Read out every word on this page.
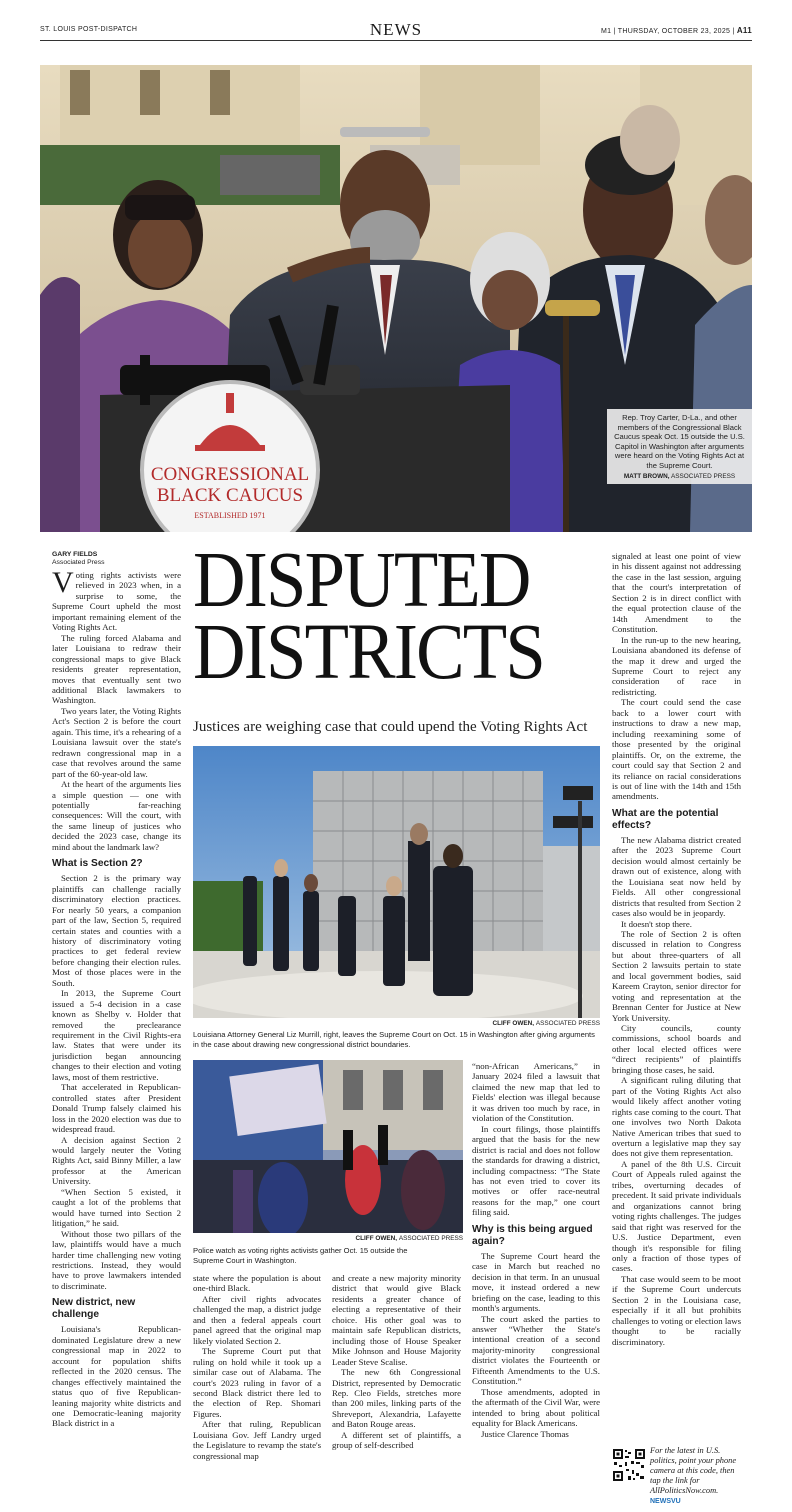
ST. LOUIS POST-DISPATCH	NEWS	M1 | THURSDAY, OCTOBER 23, 2025 | A11
CONGRESSIONAL
BLACK CAUCUS
ESTABLISHED 1971
Rep. Troy Carter, D-La., and other members of the Congressional Black Caucus speak Oct. 15 outside the U.S. Capitol in Washington after arguments were heard on the Voting Rights Act at the Supreme Court.
MATT BROWN, ASSOCIATED PRESS
DISPUTED
DISTRICTS
Justices are weighing case that could upend the Voting Rights Act
CLIFF OWEN, ASSOCIATED PRESS
Louisiana Attorney General Liz Murrill, right, leaves the Supreme Court on Oct. 15 in Washington after giving arguments in the case about drawing new congressional district boundaries.
CLIFF OWEN, ASSOCIATED PRESS
Police watch as voting rights activists gather Oct. 15 outside the Supreme Court in Washington.
GARY FIELDS
Associated Press

Voting rights activists were relieved in 2023 when, in a surprise to some, the Supreme Court upheld the most important remaining element of the Voting Rights Act.

The ruling forced Alabama and later Louisiana to redraw their congressional maps to give Black residents greater representation, moves that eventually sent two additional Black lawmakers to Washington.

Two years later, the Voting Rights Act's Section 2 is before the court again. This time, it's a rehearing of a Louisiana lawsuit over the state's redrawn congressional map in a case that revolves around the same part of the 60-year-old law.

At the heart of the arguments lies a simple question — one with potentially far-reaching consequences: Will the court, with the same lineup of justices who decided the 2023 case, change its mind about the landmark law?

What is Section 2?

Section 2 is the primary way plaintiffs can challenge racially discriminatory election practices. For nearly 50 years, a companion part of the law, Section 5, required certain states and counties with a history of discriminatory voting practices to get federal review before changing their election rules. Most of those places were in the South.

In 2013, the Supreme Court issued a 5-4 decision in a case known as Shelby v. Holder that removed the preclearance requirement in the Civil Rights-era law. States that were under its jurisdiction began announcing changes to their election and voting laws, most of them restrictive.

That accelerated in Republican-controlled states after President Donald Trump falsely claimed his loss in the 2020 election was due to widespread fraud.

A decision against Section 2 would largely neuter the Voting Rights Act, said Binny Miller, a law professor at the American University.

“When Section 5 existed, it caught a lot of the problems that would have turned into Section 2 litigation,” he said.

Without those two pillars of the law, plaintiffs would have a much harder time challenging new voting restrictions. Instead, they would have to prove lawmakers intended to discriminate.

New district, new challenge

Louisiana's Republican-dominated Legislature drew a new congressional map in 2022 to account for population shifts reflected in the 2020 census. The changes effectively maintained the status quo of five Republican-leaning majority white districts and one Democratic-leaning majority Black district in a

state where the population is about one-third Black.

After civil rights advocates challenged the map, a district judge and then a federal appeals court panel agreed that the original map likely violated Section 2.

The Supreme Court put that ruling on hold while it took up a similar case out of Alabama. The court's 2023 ruling in favor of a second Black district there led to the election of Rep. Shomari Figures.

After that ruling, Republican Louisiana Gov. Jeff Landry urged the Legislature to revamp the state's congressional map

and create a new majority minority district that would give Black residents a greater chance of electing a representative of their choice. His other goal was to maintain safe Republican districts, including those of House Speaker Mike Johnson and House Majority Leader Steve Scalise.

The new 6th Congressional District, represented by Democratic Rep. Cleo Fields, stretches more than 200 miles, linking parts of the Shreveport, Alexandria, Lafayette and Baton Rouge areas.

A different set of plaintiffs, a group of self-described

“non-African Americans,” in January 2024 filed a lawsuit that claimed the new map that led to Fields' election was illegal because it was driven too much by race, in violation of the Constitution.

In court filings, those plaintiffs argued that the basis for the new district is racial and does not follow the standards for drawing a district, including compactness: “The State has not even tried to cover its motives or offer race-neutral reasons for the map,” one court filing said.

Why is this being argued again?

The Supreme Court heard the case in March but reached no decision in that term. In an unusual move, it instead ordered a new briefing on the case, leading to this month's arguments.

The court asked the parties to answer “Whether the State's intentional creation of a second majority-minority congressional district violates the Fourteenth or Fifteenth Amendments to the U.S. Constitution.”

Those amendments, adopted in the aftermath of the Civil War, were intended to bring about political equality for Black Americans.

Justice Clarence Thomas

signaled at least one point of view in his dissent against not addressing the case in the last session, arguing that the court's interpretation of Section 2 is in direct conflict with the equal protection clause of the 14th Amendment to the Constitution.

In the run-up to the new hearing, Louisiana abandoned its defense of the map it drew and urged the Supreme Court to reject any consideration of race in redistricting.

The court could send the case back to a lower court with instructions to draw a new map, including reexamining some of those presented by the original plaintiffs. Or, on the extreme, the court could say that Section 2 and its reliance on racial considerations is out of line with the 14th and 15th amendments.

What are the potential effects?

The new Alabama district created after the 2023 Supreme Court decision would almost certainly be drawn out of existence, along with the Louisiana seat now held by Fields. All other congressional districts that resulted from Section 2 cases also would be in jeopardy.

It doesn't stop there.

The role of Section 2 is often discussed in relation to Congress but about three-quarters of all Section 2 lawsuits pertain to state and local government bodies, said Kareem Crayton, senior director for voting and representation at the Brennan Center for Justice at New York University.

City councils, county commissions, school boards and other local elected offices were “direct recipients” of plaintiffs bringing those cases, he said.

A significant ruling diluting that part of the Voting Rights Act also would likely affect another voting rights case coming to the court. That one involves two North Dakota Native American tribes that sued to overturn a legislative map they say does not give them representation.

A panel of the 8th U.S. Circuit Court of Appeals ruled against the tribes, overturning decades of precedent. It said private individuals and organizations cannot bring voting rights challenges. The judges said that right was reserved for the U.S. Justice Department, even though it's responsible for filing only a fraction of those types of cases.

That case would seem to be moot if the Supreme Court undercuts Section 2 in the Louisiana case, especially if it all but prohibits challenges to voting or election laws thought to be racially discriminatory.

For the latest in U.S. politics, point your phone camera at this code, then tap the link for AllPoliticsNow.com. NEWSVU
